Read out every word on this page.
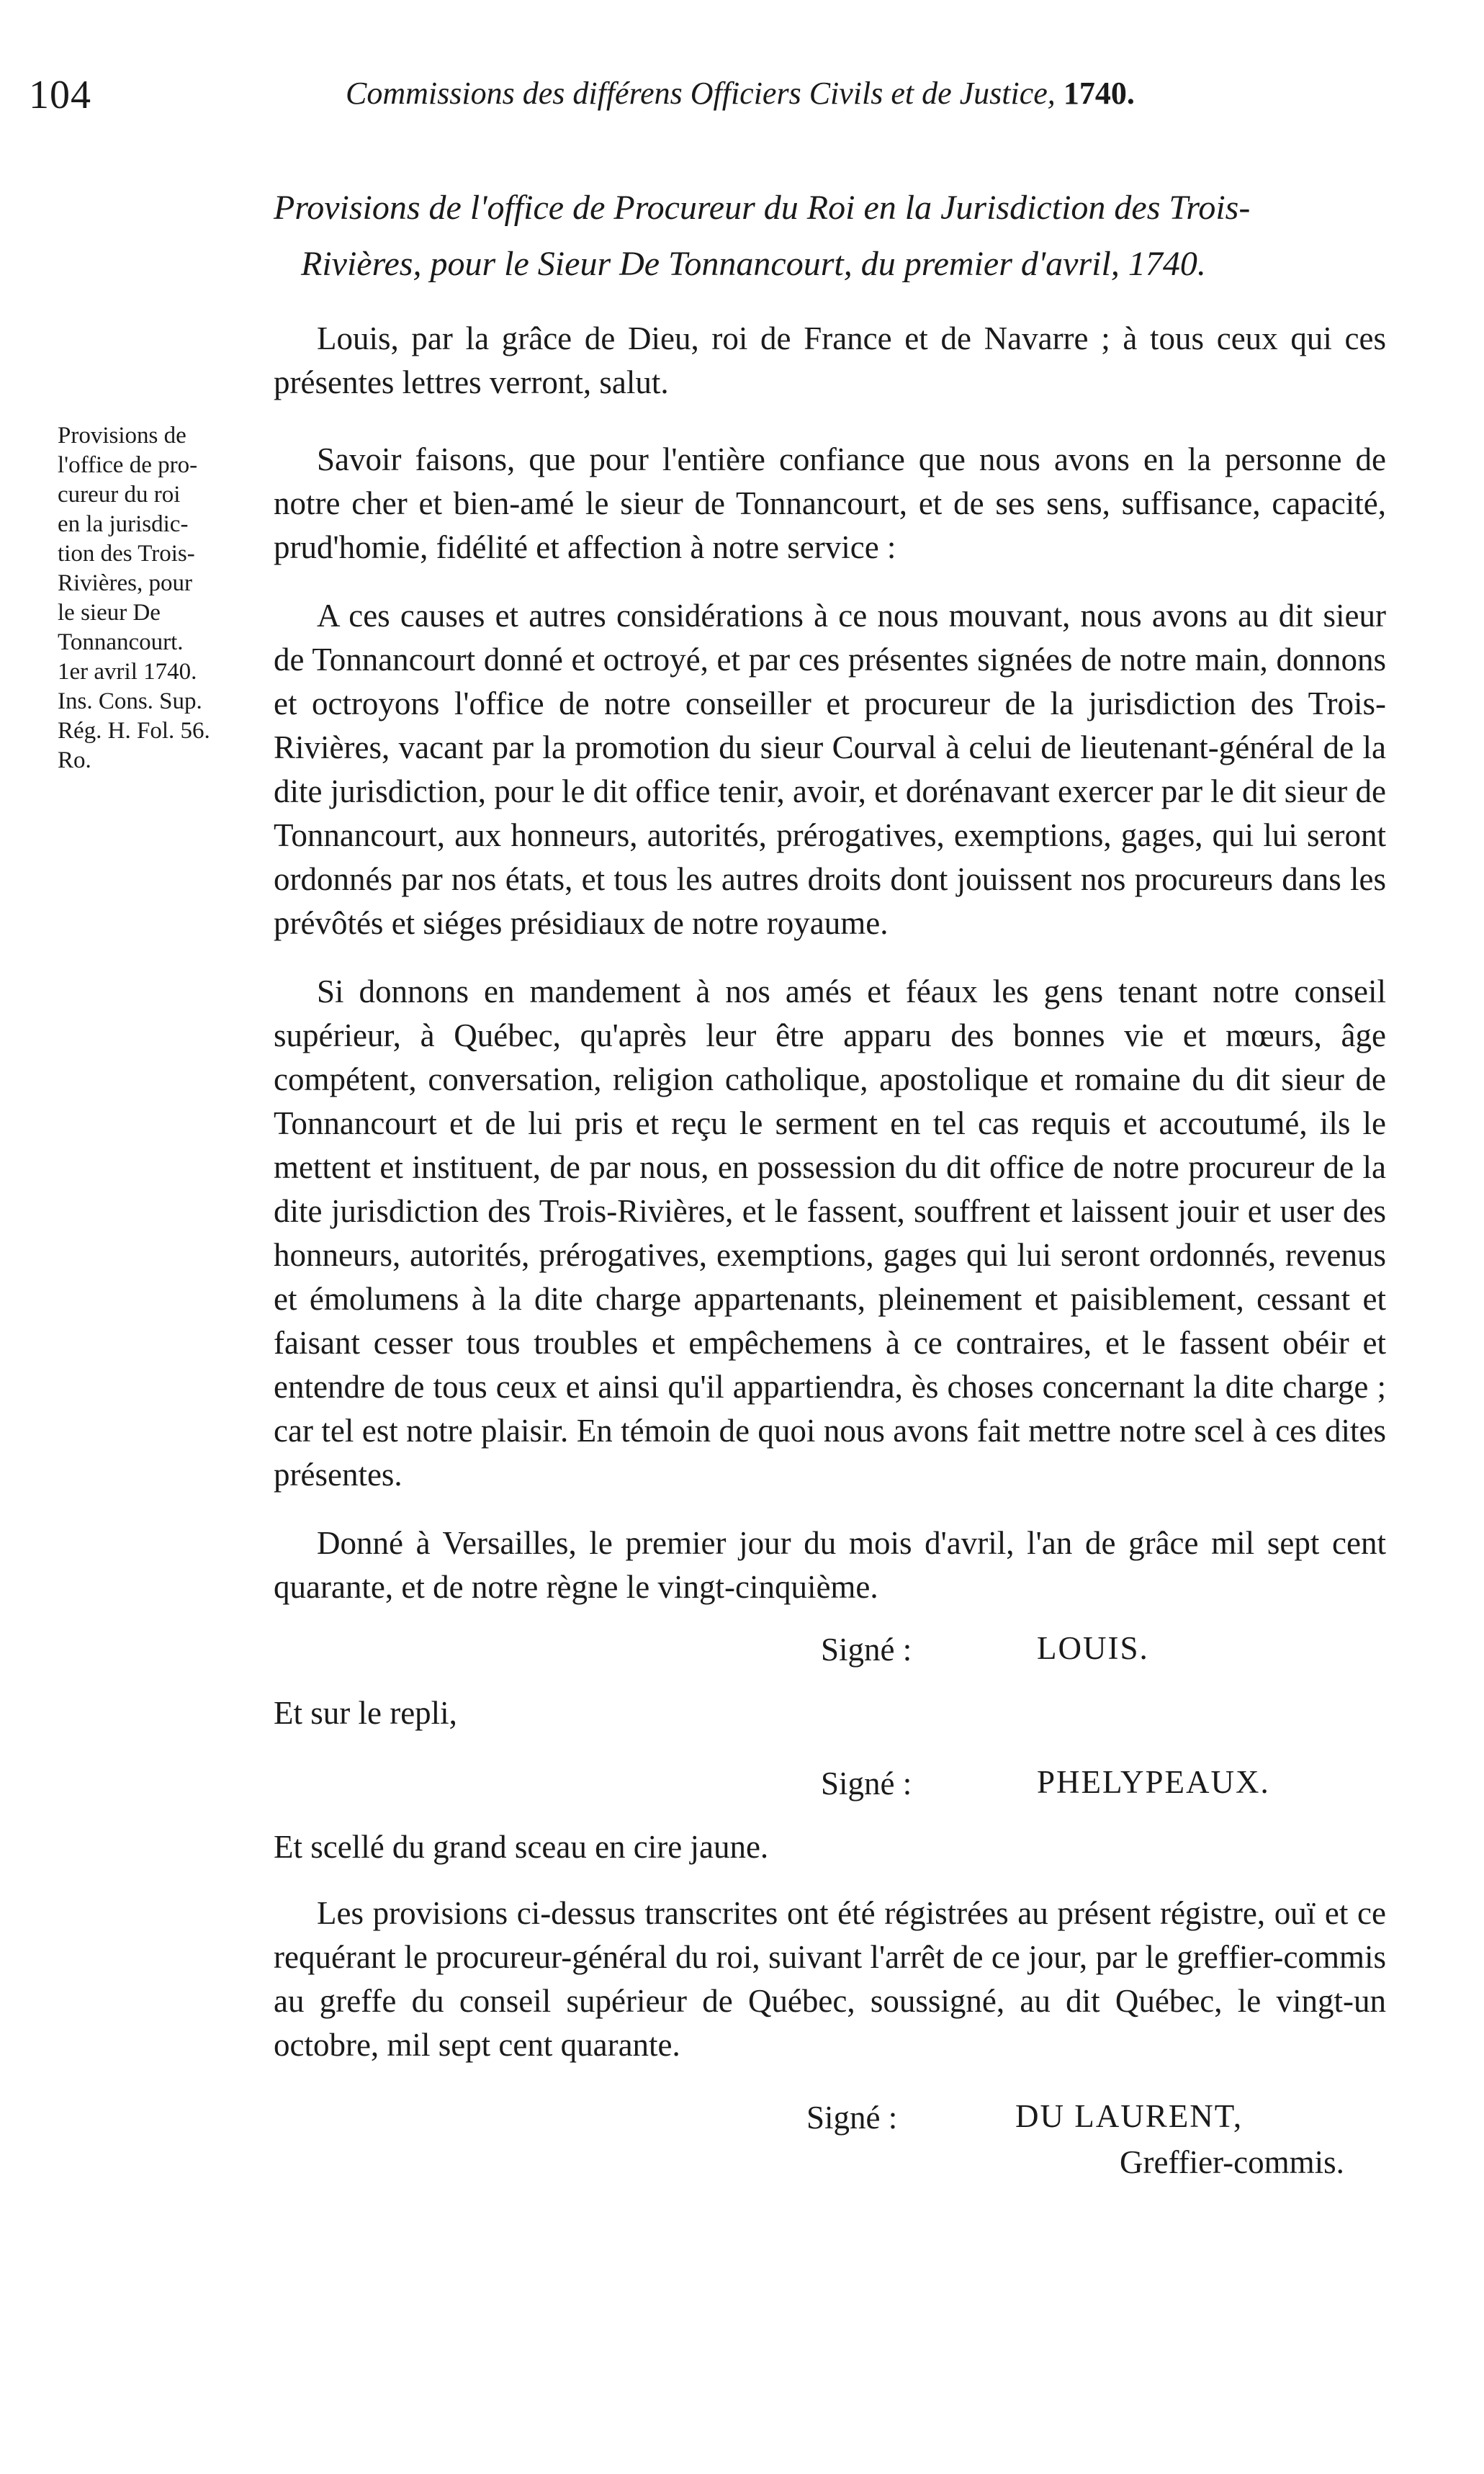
104	Commissions des différens Officiers Civils et de Justice, 1740.
Provisions de l'office de Procureur du Roi en la Jurisdiction des Trois-
Rivières, pour le Sieur De Tonnancourt, du premier d'avril, 1740.
Provisions de
l'office de pro-
cureur du roi
en la jurisdic-
tion des Trois-
Rivières, pour
le sieur De
Tonnancourt.
1er avril 1740.
Ins. Cons. Sup.
Rég. H. Fol. 56.
Ro.

Louis, par la grâce de Dieu, roi de France et de Navarre ; à tous ceux qui ces présentes lettres verront, salut.

Savoir faisons, que pour l'entière confiance que nous avons en la personne de notre cher et bien-amé le sieur de Tonnancourt, et de ses sens, suffisance, capacité, prud'homie, fidélité et affection à notre service :

A ces causes et autres considérations à ce nous mouvant, nous avons au dit sieur de Tonnancourt donné et octroyé, et par ces présentes signées de notre main, donnons et octroyons l'office de notre conseiller et procureur de la jurisdiction des Trois-Rivières, vacant par la promotion du sieur Courval à celui de lieutenant-général de la dite jurisdiction, pour le dit office tenir, avoir, et dorénavant exercer par le dit sieur de Tonnancourt, aux honneurs, autorités, prérogatives, exemptions, gages, qui lui seront ordonnés par nos états, et tous les autres droits dont jouissent nos procureurs dans les prévôtés et siéges présidiaux de notre royaume.

Si donnons en mandement à nos amés et féaux les gens tenant notre conseil supérieur, à Québec, qu'après leur être apparu des bonnes vie et mœurs, âge compétent, conversation, religion catholique, apostolique et romaine du dit sieur de Tonnancourt et de lui pris et reçu le serment en tel cas requis et accoutumé, ils le mettent et instituent, de par nous, en possession du dit office de notre procureur de la dite jurisdiction des Trois-Rivières, et le fassent, souffrent et laissent jouir et user des honneurs, autorités, prérogatives, exemptions, gages qui lui seront ordonnés, revenus et émolumens à la dite charge appartenants, pleinement et paisiblement, cessant et faisant cesser tous troubles et empêchemens à ce contraires, et le fassent obéir et entendre de tous ceux et ainsi qu'il appartiendra, ès choses concernant la dite charge ; car tel est notre plaisir. En témoin de quoi nous avons fait mettre notre scel à ces dites présentes.

Donné à Versailles, le premier jour du mois d'avril, l'an de grâce mil sept cent quarante, et de notre règne le vingt-cinquième.

Signé :	LOUIS.
Et sur le repli,
Signé :	PHELYPEAUX.
Et scellé du grand sceau en cire jaune.

Les provisions ci-dessus transcrites ont été régistrées au présent régistre, ouï et ce requérant le procureur-général du roi, suivant l'arrêt de ce jour, par le greffier-commis au greffe du conseil supérieur de Québec, soussigné, au dit Québec, le vingt-un octobre, mil sept cent quarante.

Signé :	DU LAURENT,
Greffier-commis.
